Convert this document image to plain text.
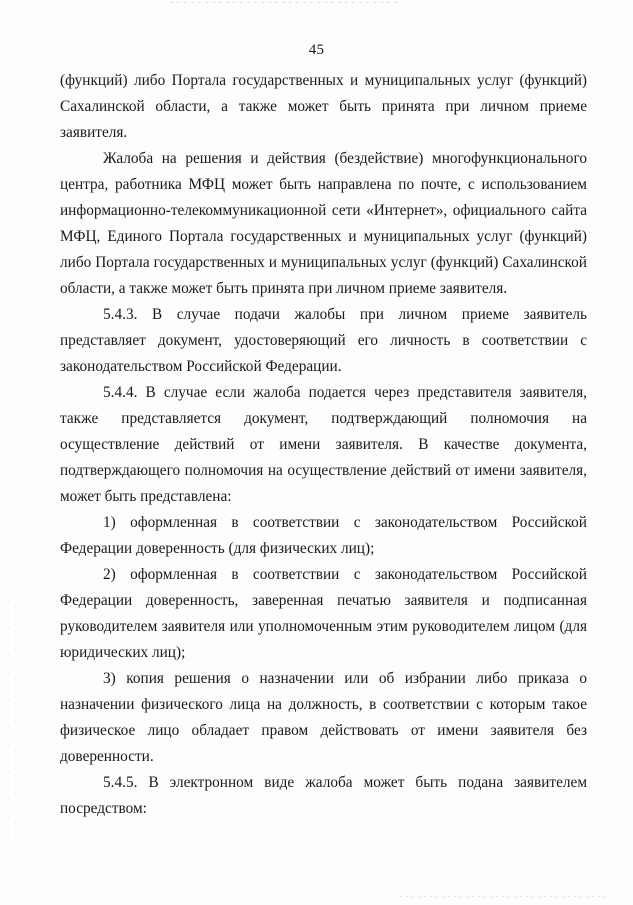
45

(функций) либо Портала государственных и муниципальных услуг (функций) Сахалинской области, а также может быть принята при личном приеме заявителя.

Жалоба на решения и действия (бездействие) многофункционального центра, работника МФЦ может быть направлена по почте, с использованием информационно-телекоммуникационной сети «Интернет», официального сайта МФЦ, Единого Портала государственных и муниципальных услуг (функций) либо Портала государственных и муниципальных услуг (функций) Сахалинской области, а также может быть принята при личном приеме заявителя.

5.4.3. В случае подачи жалобы при личном приеме заявитель представляет документ, удостоверяющий его личность в соответствии с законодательством Российской Федерации.

5.4.4. В случае если жалоба подается через представителя заявителя, также представляется документ, подтверждающий полномочия на осуществление действий от имени заявителя. В качестве документа, подтверждающего полномочия на осуществление действий от имени заявителя, может быть представлена:

1) оформленная в соответствии с законодательством Российской Федерации доверенность (для физических лиц);

2) оформленная в соответствии с законодательством Российской Федерации доверенность, заверенная печатью заявителя и подписанная руководителем заявителя или уполномоченным этим руководителем лицом (для юридических лиц);

3) копия решения о назначении или об избрании либо приказа о назначении физического лица на должность, в соответствии с которым такое физическое лицо обладает правом действовать от имени заявителя без доверенности.

5.4.5. В электронном виде жалоба может быть подана заявителем посредством:
